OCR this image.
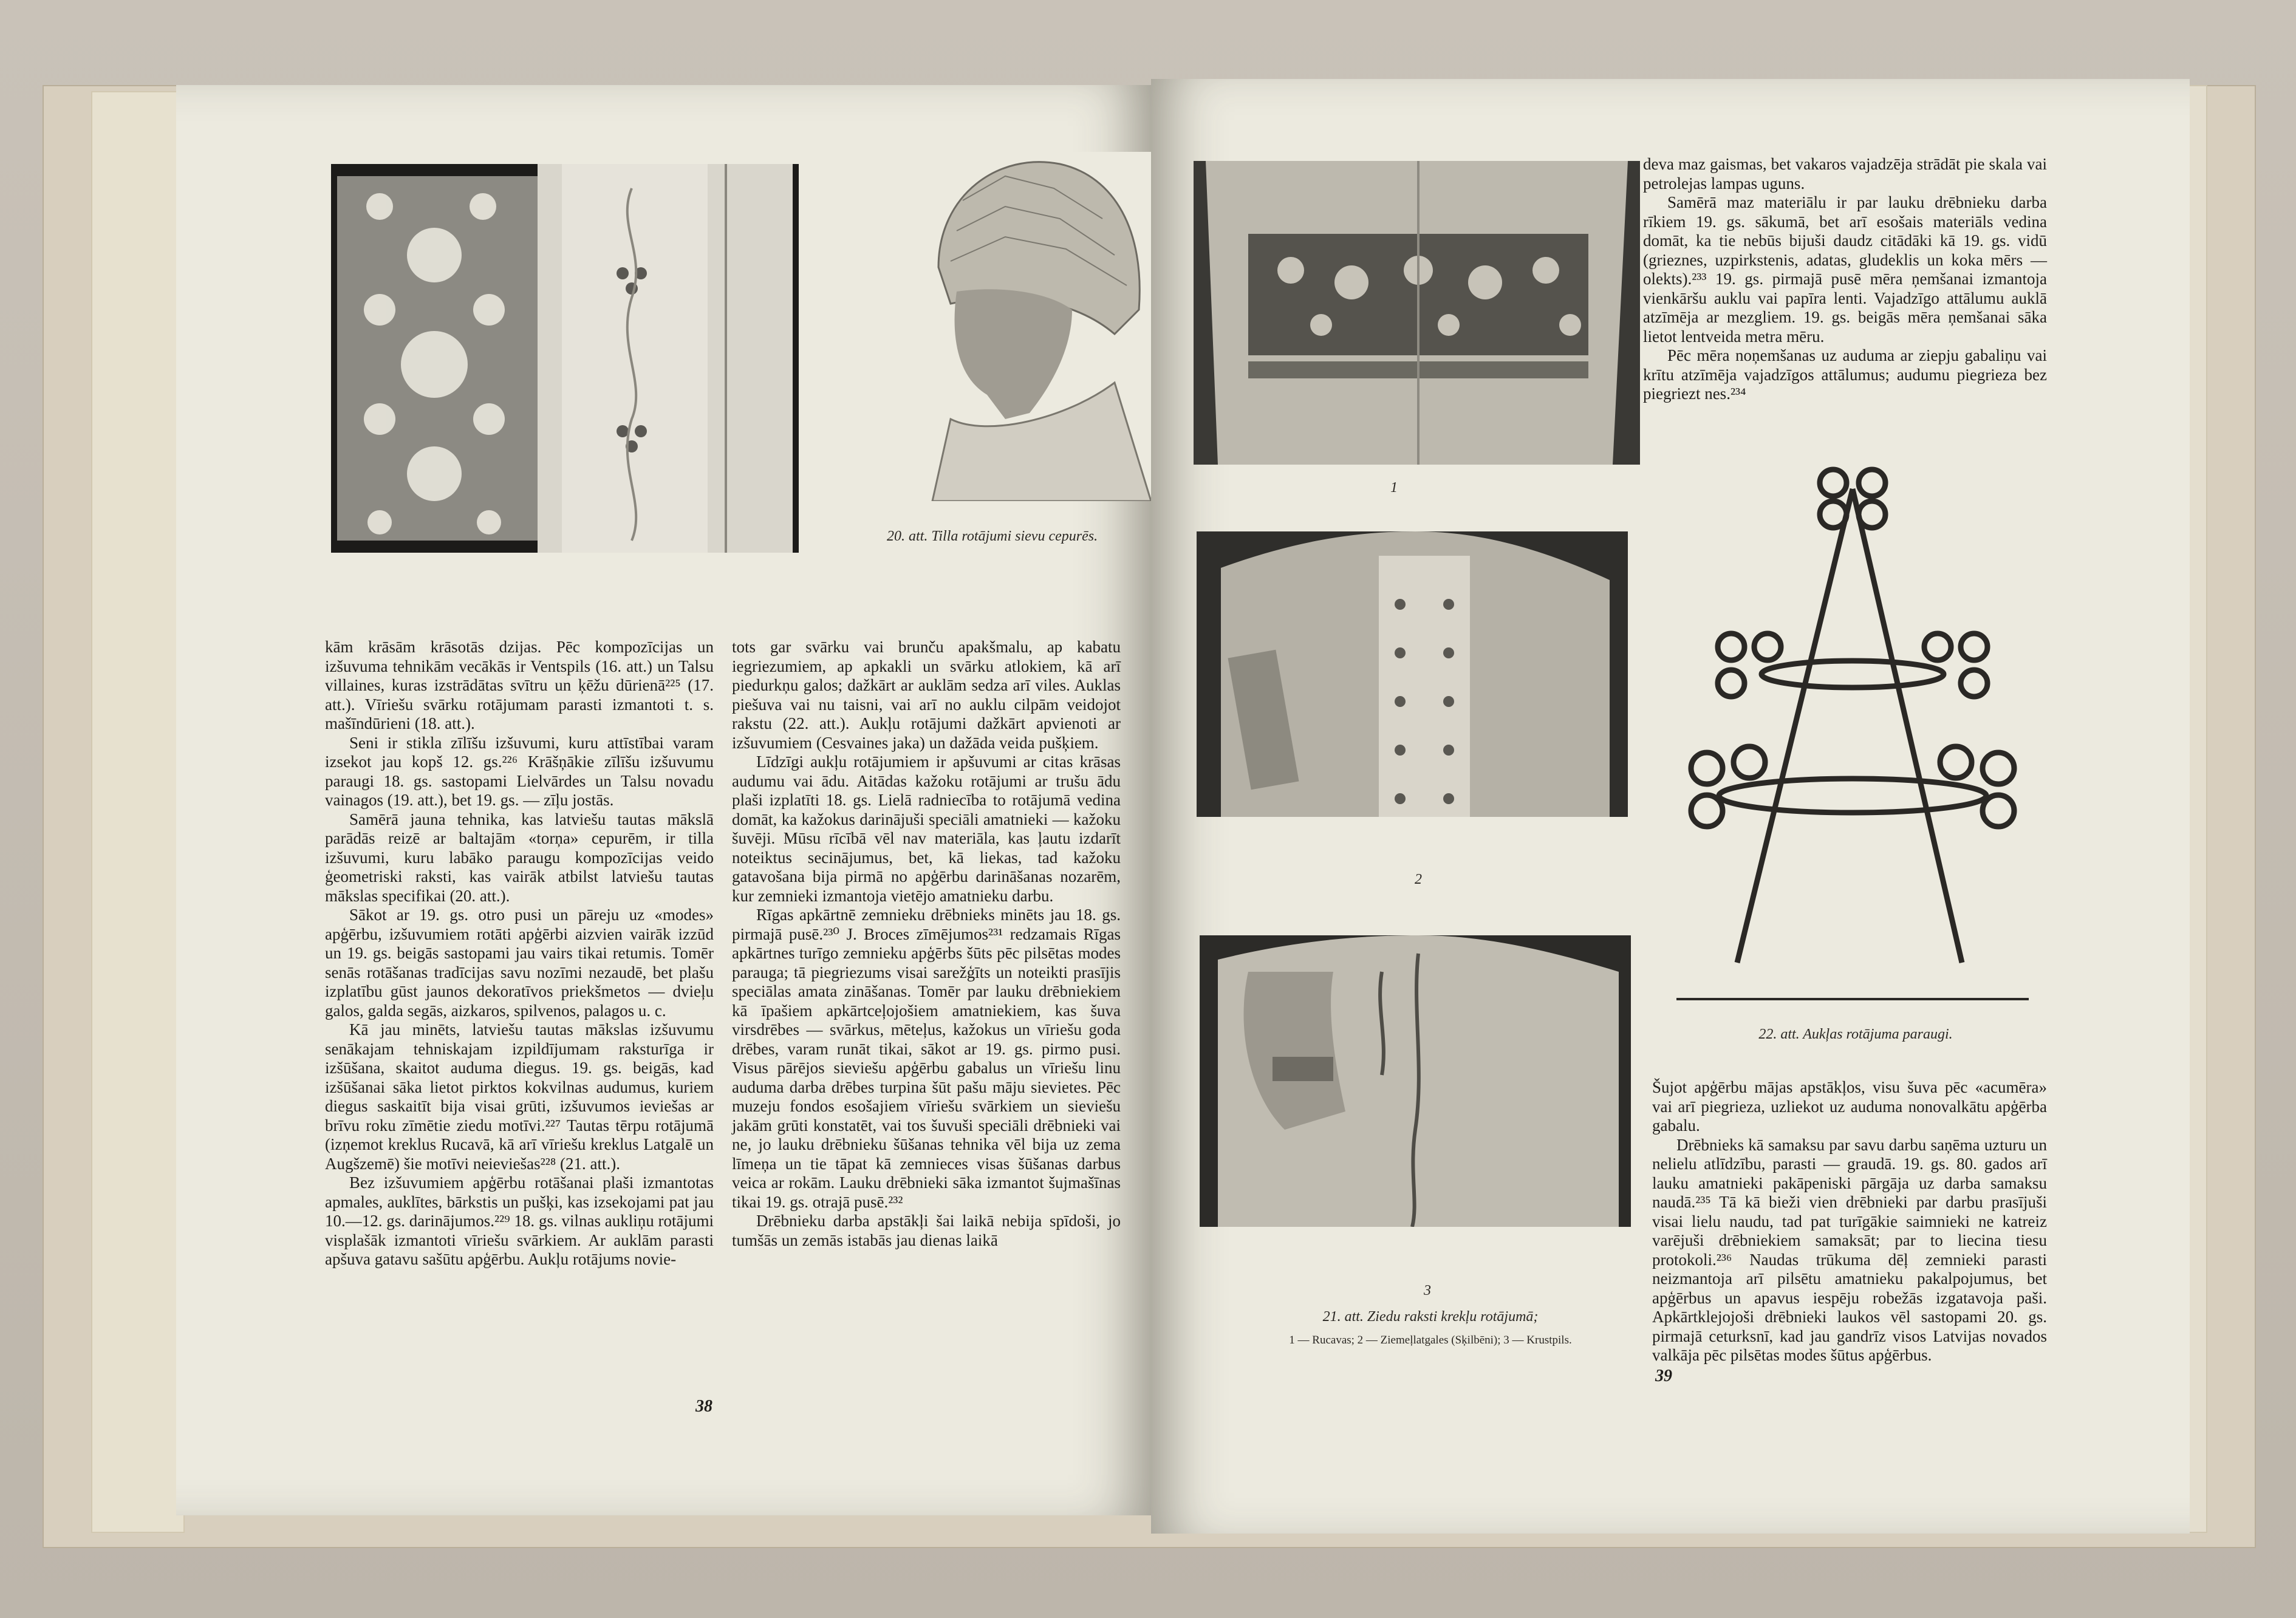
20. att. Tilla rotājumi sievu cepurēs.

kām krāsām krāsotās dzijas. Pēc kompozīcijas un izšuvuma tehnikām vecākās ir Ventspils (16. att.) un Talsu villaines, kuras izstrādātas svītru un ķēžu dūrienā²²⁵ (17. att.). Vīriešu svārku rotājumam parasti izmantoti t. s. mašīndūrieni (18. att.).

Seni ir stikla zīlīšu izšuvumi, kuru attīstībai varam izsekot jau kopš 12. gs.²²⁶ Krāšņākie zīlīšu izšuvumu paraugi 18. gs. sastopami Lielvārdes un Talsu novadu vainagos (19. att.), bet 19. gs. — zīļu jostās.

Samērā jauna tehnika, kas latviešu tautas mākslā parādās reizē ar baltajām «torņa» cepurēm, ir tilla izšuvumi, kuru labāko paraugu kompozīcijas veido ģeometriski raksti, kas vairāk atbilst latviešu tautas mākslas specifikai (20. att.).

Sākot ar 19. gs. otro pusi un pāreju uz «modes» apģērbu, izšuvumiem rotāti apģērbi aizvien vairāk izzūd un 19. gs. beigās sastopami jau vairs tikai retumis. Tomēr senās rotāšanas tradīcijas savu nozīmi nezaudē, bet plašu izplatību gūst jaunos dekoratīvos priekšmetos — dvieļu galos, galda segās, aizkaros, spilvenos, palagos u. c.

Kā jau minēts, latviešu tautas mākslas izšuvumu senākajam tehniskajam izpildījumam raksturīga ir izšūšana, skaitot auduma diegus. 19. gs. beigās, kad izšūšanai sāka lietot pirktos kokvilnas audumus, kuriem diegus saskaitīt bija visai grūti, izšuvumos ieviešas ar brīvu roku zīmētie ziedu motīvi.²²⁷ Tautas tērpu rotājumā (izņemot kreklus Rucavā, kā arī vīriešu kreklus Latgalē un Augšzemē) šie motīvi neieviešas²²⁸ (21. att.).

Bez izšuvumiem apģērbu rotāšanai plaši izmantotas apmales, auklītes, bārkstis un pušķi, kas izsekojami pat jau 10.—12. gs. darinājumos.²²⁹ 18. gs. vilnas aukliņu rotājumi visplašāk izmantoti vīriešu svārkiem. Ar auklām parasti apšuva gatavu sašūtu apģērbu. Aukļu rotājums novie-

tots gar svārku vai brunču apakšmalu, ap kabatu iegriezumiem, ap apkakli un svārku atlokiem, kā arī piedurkņu galos; dažkārt ar auklām sedza arī viles. Auklas piešuva vai nu taisni, vai arī no auklu cilpām veidojot rakstu (22. att.). Aukļu rotājumi dažkārt apvienoti ar izšuvumiem (Cesvaines jaka) un dažāda veida pušķiem.

Līdzīgi aukļu rotājumiem ir apšuvumi ar citas krāsas audumu vai ādu. Aitādas kažoku rotājumi ar trušu ādu plaši izplatīti 18. gs. Lielā radniecība to rotājumā vedina domāt, ka kažokus darinājuši speciāli amatnieki — kažoku šuvēji. Mūsu rīcībā vēl nav materiāla, kas ļautu izdarīt noteiktus secinājumus, bet, kā liekas, tad kažoku gatavošana bija pirmā no apģērbu darināšanas nozarēm, kur zemnieki izmantoja vietējo amatnieku darbu.

Rīgas apkārtnē zemnieku drēbnieks minēts jau 18. gs. pirmajā pusē.²³⁰ J. Broces zīmējumos²³¹ redzamais Rīgas apkārtnes turīgo zemnieku apģērbs šūts pēc pilsētas modes parauga; tā piegriezums visai sarežģīts un noteikti prasījis speciālas amata zināšanas. Tomēr par lauku drēbniekiem kā īpašiem apkārtceļojošiem amatniekiem, kas šuva virsdrēbes — svārkus, mēteļus, kažokus un vīriešu goda drēbes, varam runāt tikai, sākot ar 19. gs. pirmo pusi. Visus pārējos sieviešu apģērbu gabalus un vīriešu linu auduma darba drēbes turpina šūt pašu māju sievietes. Pēc muzeju fondos esošajiem vīriešu svārkiem un sieviešu jakām grūti konstatēt, vai tos šuvuši speciāli drēbnieki vai ne, jo lauku drēbnieku šūšanas tehnika vēl bija uz zema līmeņa un tie tāpat kā zemnieces visas šūšanas darbus veica ar rokām. Lauku drēbnieki sāka izmantot šujmašīnas tikai 19. gs. otrajā pusē.²³²

Drēbnieku darba apstākļi šai laikā nebija spīdoši, jo tumšās un zemās istabās jau dienas laikā

38
1
2
3
21. att. Ziedu raksti krekļu rotājumā;
1 — Rucavas; 2 — Ziemeļlatgales (Sķilbēni); 3 — Krustpils.

deva maz gaismas, bet vakaros vajadzēja strādāt pie skala vai petrolejas lampas uguns.

Samērā maz materiālu ir par lauku drēbnieku darba rīkiem 19. gs. sākumā, bet arī esošais materiāls vedina domāt, ka tie nebūs bijuši daudz citādāki kā 19. gs. vidū (grieznes, uzpirkstenis, adatas, gludeklis un koka mērs — olekts).²³³ 19. gs. pirmajā pusē mēra ņemšanai izmantoja vienkāršu auklu vai papīra lenti. Vajadzīgo attālumu auklā atzīmēja ar mezgliem. 19. gs. beigās mēra ņemšanai sāka lietot lentveida metra mēru.

Pēc mēra noņemšanas uz auduma ar ziepju gabaliņu vai krītu atzīmēja vajadzīgos attālumus; audumu piegrieza bez piegriezt nes.²³⁴

22. att. Aukļas rotājuma paraugi.

Šujot apģērbu mājas apstākļos, visu šuva pēc «acumēra» vai arī piegrieza, uzliekot uz auduma nonovalkātu apģērba gabalu.

Drēbnieks kā samaksu par savu darbu saņēma uzturu un nelielu atlīdzību, parasti — graudā. 19. gs. 80. gados arī lauku amatnieki pakāpeniski pārgāja uz darba samaksu naudā.²³⁵ Tā kā bieži vien drēbnieki par darbu prasījuši visai lielu naudu, tad pat turīgākie saimnieki ne katreiz varējuši drēbniekiem samaksāt; par to liecina tiesu protokoli.²³⁶ Naudas trūkuma dēļ zemnieki parasti neizmantoja arī pilsētu amatnieku pakalpojumus, bet apģērbus un apavus iespēju robežās izgatavoja paši. Apkārtklejojoši drēbnieki laukos vēl sastopami 20. gs. pirmajā ceturksnī, kad jau gandrīz visos Latvijas novados valkāja pēc pilsētas modes šūtus apģērbus.

39
